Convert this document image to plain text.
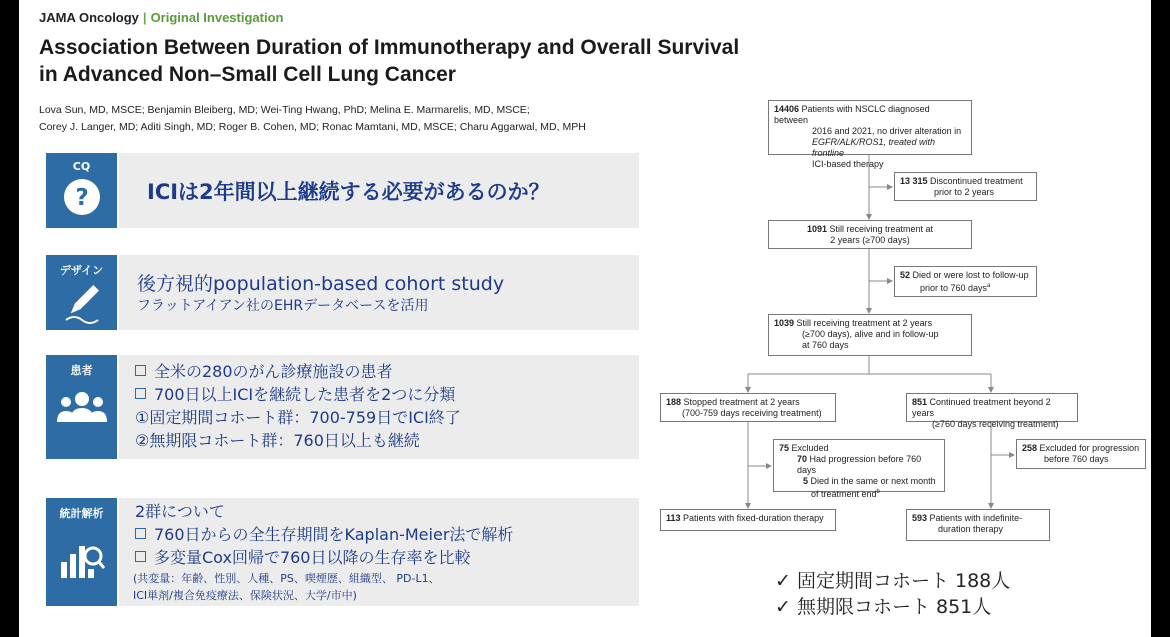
JAMA Oncology | Original Investigation
Association Between Duration of Immunotherapy and Overall Survival
in Advanced Non–Small Cell Lung Cancer
Lova Sun, MD, MSCE; Benjamin Bleiberg, MD; Wei-Ting Hwang, PhD; Melina E. Marmarelis, MD, MSCE;
Corey J. Langer, MD; Aditi Singh, MD; Roger B. Cohen, MD; Ronac Mamtani, MD, MSCE; Charu Aggarwal, MD, MPH
CQ
?	ICIは2年間以上継続する必要があるのか？
デザイン
後方視的population-based cohort study
フラットアイアン社のEHRデータベースを活用
患者	全米の280のがん診療施設の患者
700日以上ICIを継続した患者を2つに分類
①固定期間コホート群：700-759日でICI終了
②無期限コホート群：760日以上も継続
統計解析	2群について
760日からの全生存期間をKaplan-Meier法で解析
多変量Cox回帰で760日以降の生存率を比較
(共変量：年齢、性別、人種、PS、喫煙歴、組織型、 PD-L1、
ICI単剤/複合免疫療法、保険状況、大学/市中)
14406 Patients with NSCLC diagnosed between
2016 and 2021, no driver alteration in
EGFR/ALK/ROS1, treated with frontline
ICI-based therapy
13 315 Discontinued treatment
prior to 2 years
1091 Still receiving treatment at
2 years (≥700 days)
52 Died or were lost to follow-up
prior to 760 days$^a$
1039 Still receiving treatment at 2 years
(≥700 days), alive and in follow-up
at 760 days
188 Stopped treatment at 2 years
(700-759 days receiving treatment)
851 Continued treatment beyond 2 years
(≥760 days receiving treatment)
75 Excluded
70 Had progression before 760 days
5 Died in the same or next month
of treatment end$^b$
258 Excluded for progression
before 760 days
113 Patients with fixed-duration therapy	593 Patients with indefinite-
duration therapy
✓ 固定期間コホート 188人
✓ 無期限コホート 851人
